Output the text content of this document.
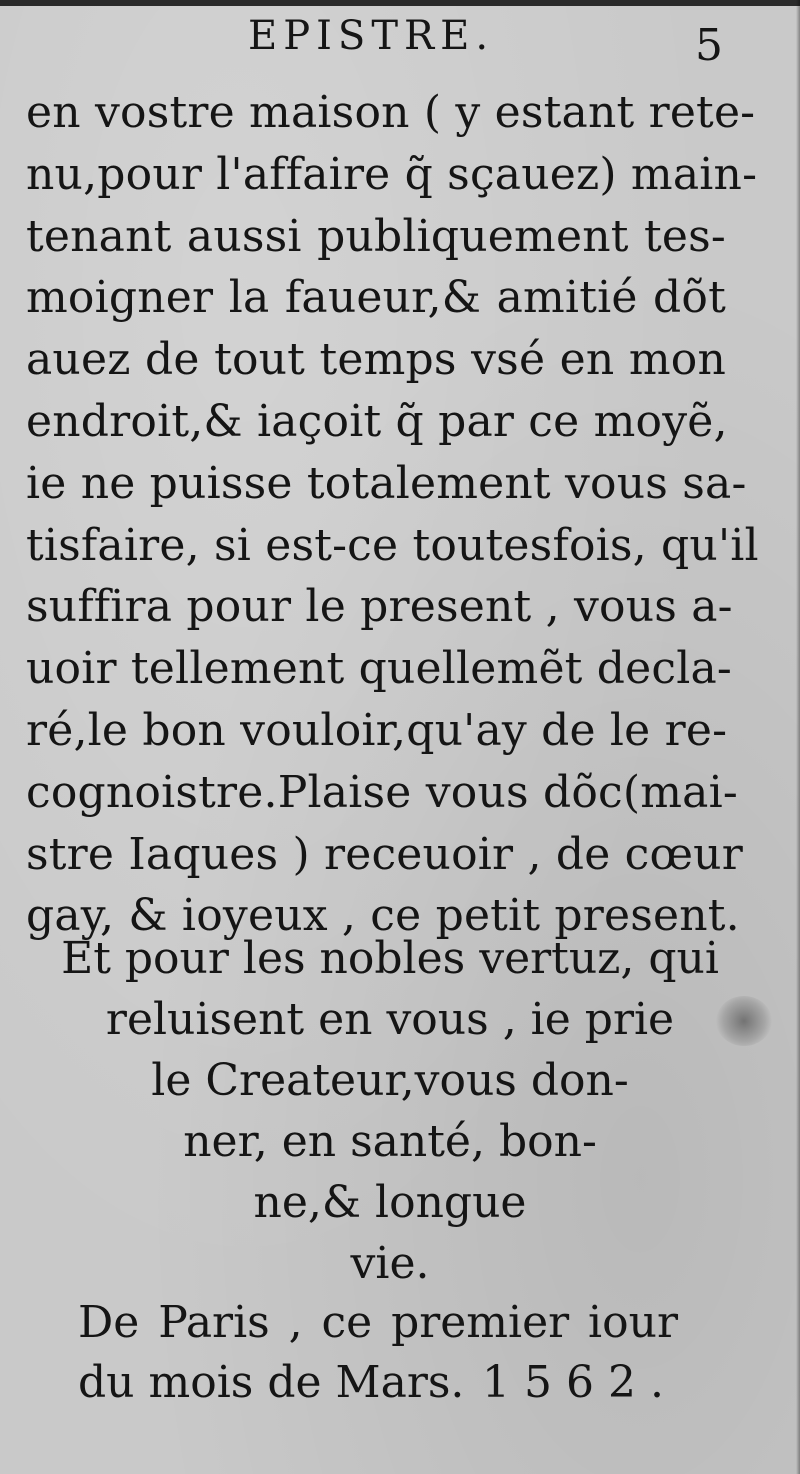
EPISTRE.	5
en vostre maison ( y estant rete-
nu,pour l'affaire q̃ sçauez) main-
tenant aussi publiquement tes-
moigner la faueur,& amitié dõt
auez de tout temps vsé en mon
endroit,& iaçoit q̃ par ce moyẽ,
ie ne puisse totalement vous sa-
tisfaire, si est-ce toutesfois, qu'il
suffira pour le present , vous a-
uoir tellement quellemẽt decla-
ré,le bon vouloir,qu'ay de le re-
cognoistre.Plaise vous dõc(mai-
stre Iaques ) receuoir , de cœur
gay, & ioyeux , ce petit present.
Et pour les nobles vertuz, qui
reluisent en vous , ie prie
le Createur,vous don-
ner, en santé, bon-
ne,& longue
vie.
De Paris , ce premier iour
du mois de Mars. 1562.
